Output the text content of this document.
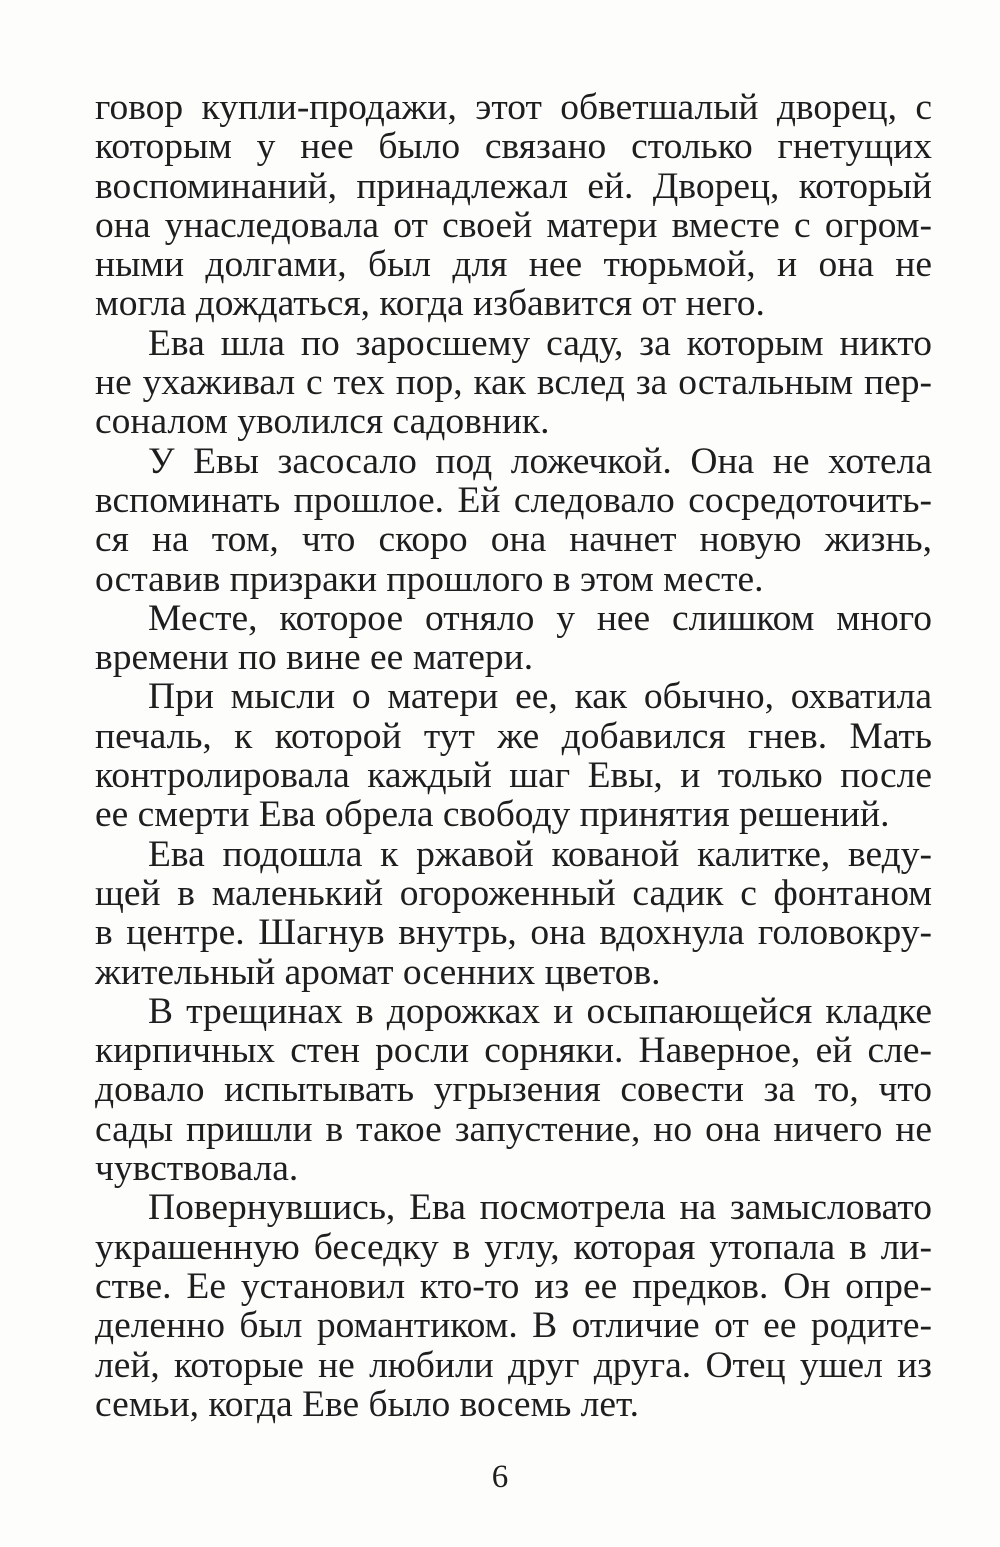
говор купли-продажи, этот обветшалый дворец, с
которым у нее было связано столько гнетущих
воспоминаний, принадлежал ей. Дворец, который
она унаследовала от своей матери вместе с огром-
ными долгами, был для нее тюрьмой, и она не
могла дождаться, когда избавится от него.
Ева шла по заросшему саду, за которым никто
не ухаживал с тех пор, как вслед за остальным пер-
соналом уволился садовник.
У Евы засосало под ложечкой. Она не хотела
вспоминать прошлое. Ей следовало сосредоточить-
ся на том, что скоро она начнет новую жизнь,
оставив призраки прошлого в этом месте.
Месте, которое отняло у нее слишком много
времени по вине ее матери.
При мысли о матери ее, как обычно, охватила
печаль, к которой тут же добавился гнев. Мать
контролировала каждый шаг Евы, и только после
ее смерти Ева обрела свободу принятия решений.
Ева подошла к ржавой кованой калитке, веду-
щей в маленький огороженный садик с фонтаном
в центре. Шагнув внутрь, она вдохнула головокру-
жительный аромат осенних цветов.
В трещинах в дорожках и осыпающейся кладке
кирпичных стен росли сорняки. Наверное, ей сле-
довало испытывать угрызения совести за то, что
сады пришли в такое запустение, но она ничего не
чувствовала.
Повернувшись, Ева посмотрела на замысловато
украшенную беседку в углу, которая утопала в ли-
стве. Ее установил кто-то из ее предков. Он опре-
деленно был романтиком. В отличие от ее родите-
лей, которые не любили друг друга. Отец ушел из
семьи, когда Еве было восемь лет.
6
